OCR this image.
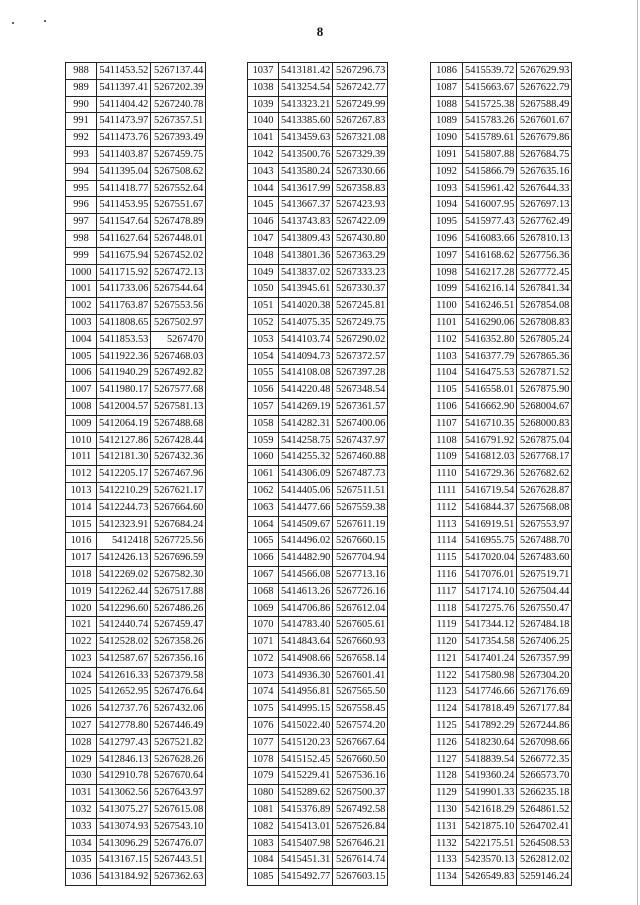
8
988	5411453.52	5267137.44
989	5411397.41	5267202.39
990	5411404.42	5267240.78
991	5411473.97	5267357.51
992	5411473.76	5267393.49
993	5411403.87	5267459.75
994	5411395.04	5267508.62
995	5411418.77	5267552.64
996	5411453.95	5267551.67
997	5411547.64	5267478.89
998	5411627.64	5267448.01
999	5411675.94	5267452.02
1000	5411715.92	5267472.13
1001	5411733.06	5267544.64
1002	5411763.87	5267553.56
1003	5411808.65	5267502.97
1004	5411853.53	5267470
1005	5411922.36	5267468.03
1006	5411940.29	5267492.82
1007	5411980.17	5267577.68
1008	5412004.57	5267581.13
1009	5412064.19	5267488.68
1010	5412127.86	5267428.44
1011	5412181.30	5267432.36
1012	5412205.17	5267467.96
1013	5412210.29	5267621.17
1014	5412244.73	5267664.60
1015	5412323.91	5267684.24
1016	5412418	5267725.56
1017	5412426.13	5267696.59
1018	5412269.02	5267582.30
1019	5412262.44	5267517.88
1020	5412296.60	5267486.26
1021	5412440.74	5267459.47
1022	5412528.02	5267358.26
1023	5412587.67	5267356.16
1024	5412616.33	5267379.58
1025	5412652.95	5267476.64
1026	5412737.76	5267432.06
1027	5412778.80	5267446.49
1028	5412797.43	5267521.82
1029	5412846.13	5267628.26
1030	5412910.78	5267670.64
1031	5413062.56	5267643.97
1032	5413075.27	5267615.08
1033	5413074.93	5267543.10
1034	5413096.29	5267476.07
1035	5413167.15	5267443.51
1036	5413184.92	5267362.63
1037	5413181.42	5267296.73
1038	5413254.54	5267242.77
1039	5413323.21	5267249.99
1040	5413385.60	5267267.83
1041	5413459.63	5267321.08
1042	5413500.76	5267329.39
1043	5413580.24	5267330.66
1044	5413617.99	5267358.83
1045	5413667.37	5267423.93
1046	5413743.83	5267422.09
1047	5413809.43	5267430.80
1048	5413801.36	5267363.29
1049	5413837.02	5267333.23
1050	5413945.61	5267330.37
1051	5414020.38	5267245.81
1052	5414075.35	5267249.75
1053	5414103.74	5267290.02
1054	5414094.73	5267372.57
1055	5414108.08	5267397.28
1056	5414220.48	5267348.54
1057	5414269.19	5267361.57
1058	5414282.31	5267400.06
1059	5414258.75	5267437.97
1060	5414255.32	5267460.88
1061	5414306.09	5267487.73
1062	5414405.06	5267511.51
1063	5414477.66	5267559.38
1064	5414509.67	5267611.19
1065	5414496.02	5267660.15
1066	5414482.90	5267704.94
1067	5414566.08	5267713.16
1068	5414613.26	5267726.16
1069	5414706.86	5267612.04
1070	5414783.40	5267605.61
1071	5414843.64	5267660.93
1072	5414908.66	5267658.14
1073	5414936.30	5267601.41
1074	5414956.81	5267565.50
1075	5414995.15	5267558.45
1076	5415022.40	5267574.20
1077	5415120.23	5267667.64
1078	5415152.45	5267660.50
1079	5415229.41	5267536.16
1080	5415289.62	5267500.37
1081	5415376.89	5267492.58
1082	5415413.01	5267526.84
1083	5415407.98	5267646.21
1084	5415451.31	5267614.74
1085	5415492.77	5267603.15
1086	5415539.72	5267629.93
1087	5415663.67	5267622.79
1088	5415725.38	5267588.49
1089	5415783.26	5267601.67
1090	5415789.61	5267679.86
1091	5415807.88	5267684.75
1092	5415866.79	5267635.16
1093	5415961.42	5267644.33
1094	5416007.95	5267697.13
1095	5415977.43	5267762.49
1096	5416083.66	5267810.13
1097	5416168.62	5267756.36
1098	5416217.28	5267772.45
1099	5416216.14	5267841.34
1100	5416246.51	5267854.08
1101	5416290.06	5267808.83
1102	5416352.80	5267805.24
1103	5416377.79	5267865.36
1104	5416475.53	5267871.52
1105	5416558.01	5267875.90
1106	5416662.90	5268004.67
1107	5416710.35	5268000.83
1108	5416791.92	5267875.04
1109	5416812.03	5267768.17
1110	5416729.36	5267682.62
1111	5416719.54	5267628.87
1112	5416844.37	5267568.08
1113	5416919.51	5267553.97
1114	5416955.75	5267488.70
1115	5417020.04	5267483.60
1116	5417076.01	5267519.71
1117	5417174.10	5267504.44
1118	5417275.76	5267550.47
1119	5417344.12	5267484.18
1120	5417354.58	5267406.25
1121	5417401.24	5267357.99
1122	5417580.98	5267304.20
1123	5417746.66	5267176.69
1124	5417818.49	5267177.84
1125	5417892.29	5267244.86
1126	5418230.64	5267098.66
1127	5418839.54	5266772.35
1128	5419360.24	5266573.70
1129	5419901.33	5266235.18
1130	5421618.29	5264861.52
1131	5421875.10	5264702.41
1132	5422175.51	5264508.53
1133	5423570.13	5262812.02
1134	5426549.83	5259146.24
